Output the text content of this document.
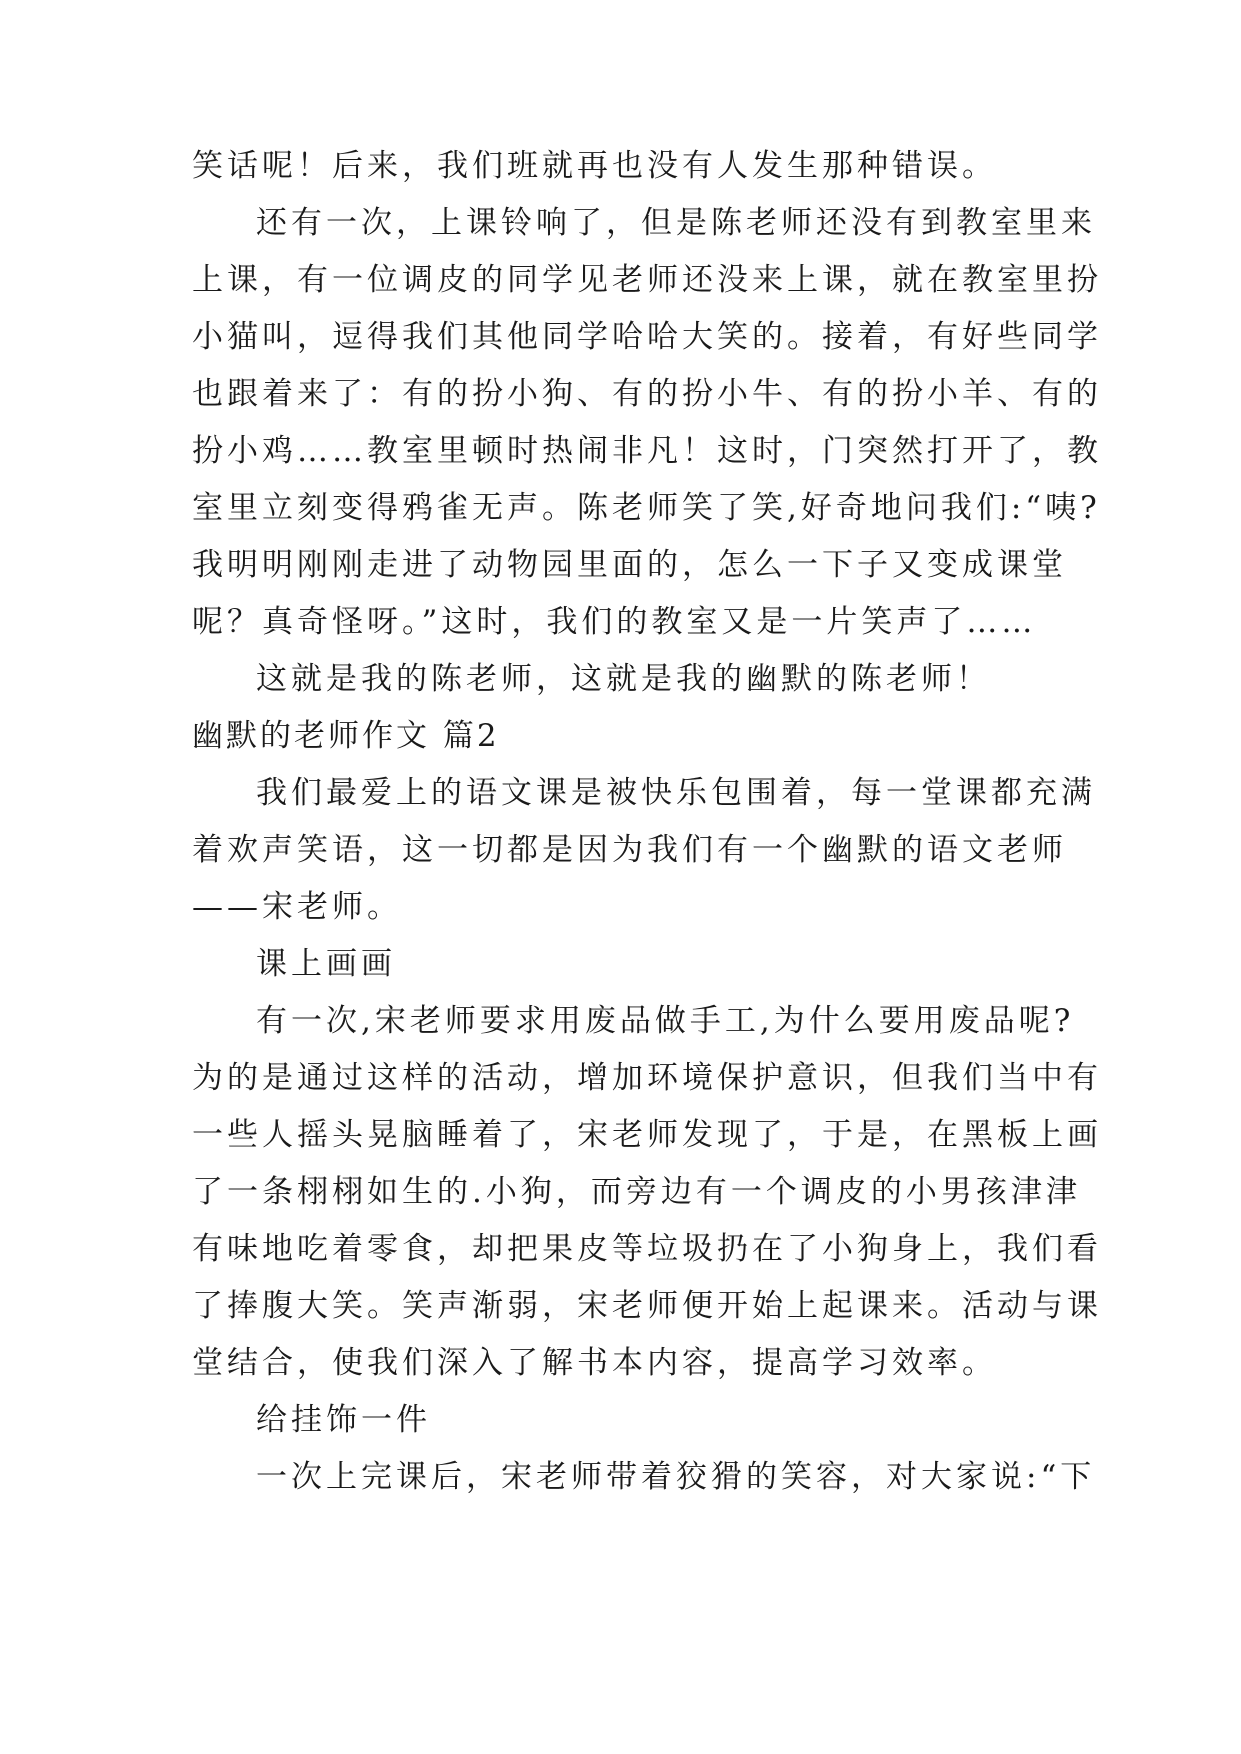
笑话呢！后来，我们班就再也没有人发生那种错误。
还有一次，上课铃响了，但是陈老师还没有到教室里来
上课，有一位调皮的同学见老师还没来上课，就在教室里扮
小猫叫，逗得我们其他同学哈哈大笑的。接着，有好些同学
也跟着来了：有的扮小狗、有的扮小牛、有的扮小羊、有的
扮小鸡……教室里顿时热闹非凡！这时，门突然打开了，教
室里立刻变得鸦雀无声。陈老师笑了笑,好奇地问我们:“咦?
我明明刚刚走进了动物园里面的，怎么一下子又变成课堂
呢？真奇怪呀。”这时，我们的教室又是一片笑声了……
这就是我的陈老师，这就是我的幽默的陈老师！
幽默的老师作文 篇2
我们最爱上的语文课是被快乐包围着，每一堂课都充满
着欢声笑语，这一切都是因为我们有一个幽默的语文老师
——宋老师。
课上画画
有一次,宋老师要求用废品做手工,为什么要用废品呢?
为的是通过这样的活动，增加环境保护意识，但我们当中有
一些人摇头晃脑睡着了，宋老师发现了，于是，在黑板上画
了一条栩栩如生的.小狗，而旁边有一个调皮的小男孩津津
有味地吃着零食，却把果皮等垃圾扔在了小狗身上，我们看
了捧腹大笑。笑声渐弱，宋老师便开始上起课来。活动与课
堂结合，使我们深入了解书本内容，提高学习效率。
给挂饰一件
一次上完课后，宋老师带着狡猾的笑容，对大家说:“下
